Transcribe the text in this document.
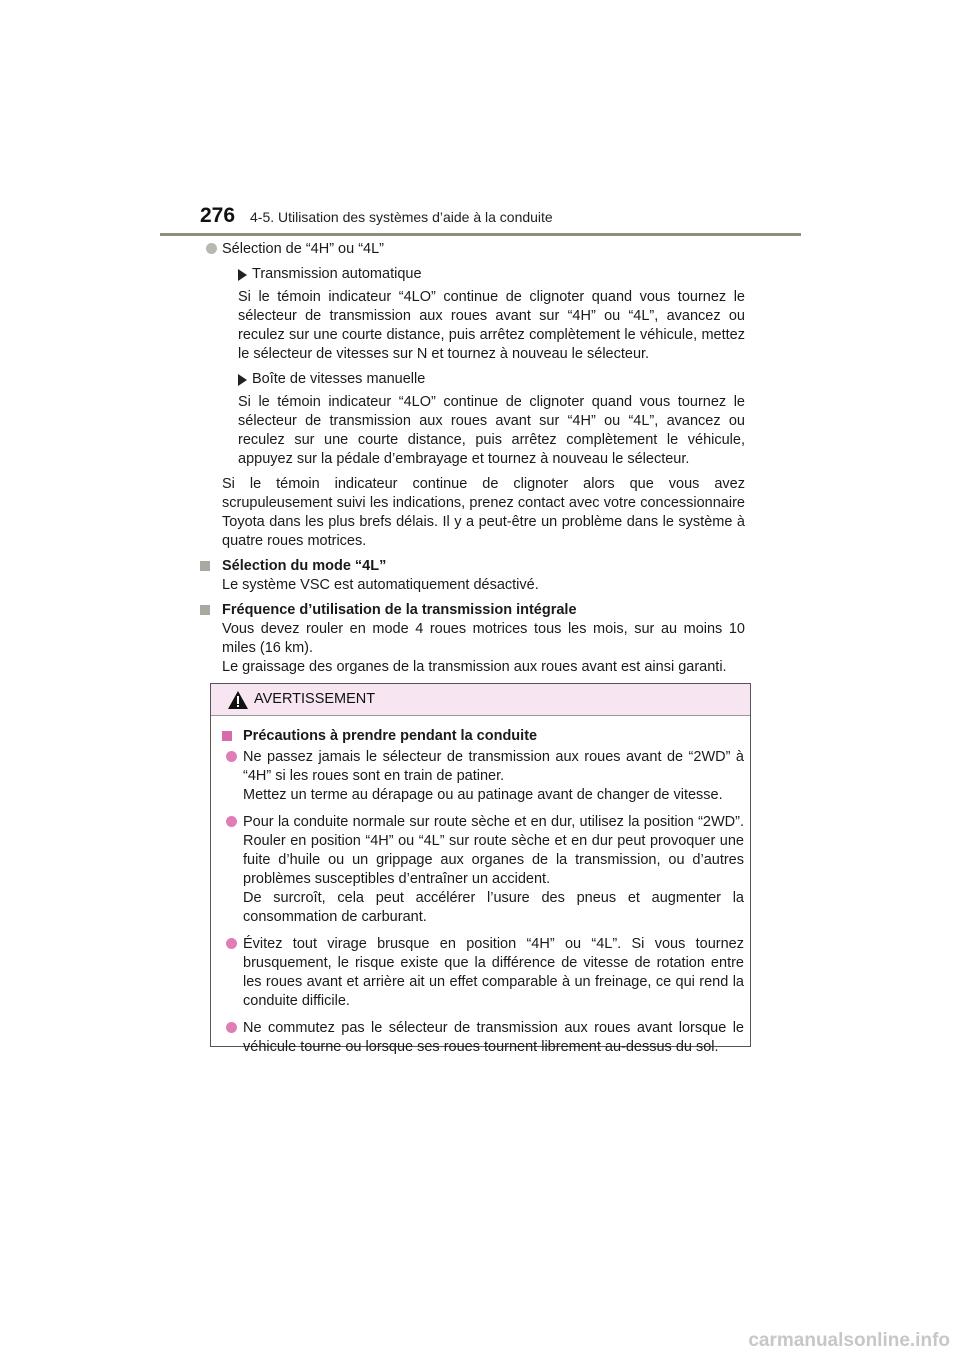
276 4-5. Utilisation des systèmes d’aide à la conduite
Sélection de “4H” ou “4L”
Transmission automatique

Si le témoin indicateur “4LO” continue de clignoter quand vous tournez le sélecteur de transmission aux roues avant sur “4H” ou “4L”, avancez ou reculez sur une courte distance, puis arrêtez complètement le véhicule, mettez le sélecteur de vitesses sur N et tournez à nouveau le sélecteur.

Boîte de vitesses manuelle

Si le témoin indicateur “4LO” continue de clignoter quand vous tournez le sélecteur de transmission aux roues avant sur “4H” ou “4L”, avancez ou reculez sur une courte distance, puis arrêtez complètement le véhicule, appuyez sur la pédale d’embrayage et tournez à nouveau le sélecteur.

Si le témoin indicateur continue de clignoter alors que vous avez scrupuleusement suivi les indications, prenez contact avec votre concessionnaire Toyota dans les plus brefs délais. Il y a peut-être un problème dans le système à quatre roues motrices.

Sélection du mode “4L”

Le système VSC est automatiquement désactivé.

Fréquence d’utilisation de la transmission intégrale

Vous devez rouler en mode 4 roues motrices tous les mois, sur au moins 10 miles (16 km).

Le graissage des organes de la transmission aux roues avant est ainsi garanti.

AVERTISSEMENT
Précautions à prendre pendant la conduite
Ne passez jamais le sélecteur de transmission aux roues avant de “2WD” à “4H” si les roues sont en train de patiner.
Mettez un terme au dérapage ou au patinage avant de changer de vitesse.
Pour la conduite normale sur route sèche et en dur, utilisez la position “2WD”. Rouler en position “4H” ou “4L” sur route sèche et en dur peut provoquer une fuite d’huile ou un grippage aux organes de la transmission, ou d’autres problèmes susceptibles d’entraîner un accident.
De surcroît, cela peut accélérer l’usure des pneus et augmenter la consommation de carburant.
Évitez tout virage brusque en position “4H” ou “4L”. Si vous tournez brusquement, le risque existe que la différence de vitesse de rotation entre les roues avant et arrière ait un effet comparable à un freinage, ce qui rend la conduite difficile.
Ne commutez pas le sélecteur de transmission aux roues avant lorsque le véhicule tourne ou lorsque ses roues tournent librement au-dessus du sol.
carmanualsonline.info
